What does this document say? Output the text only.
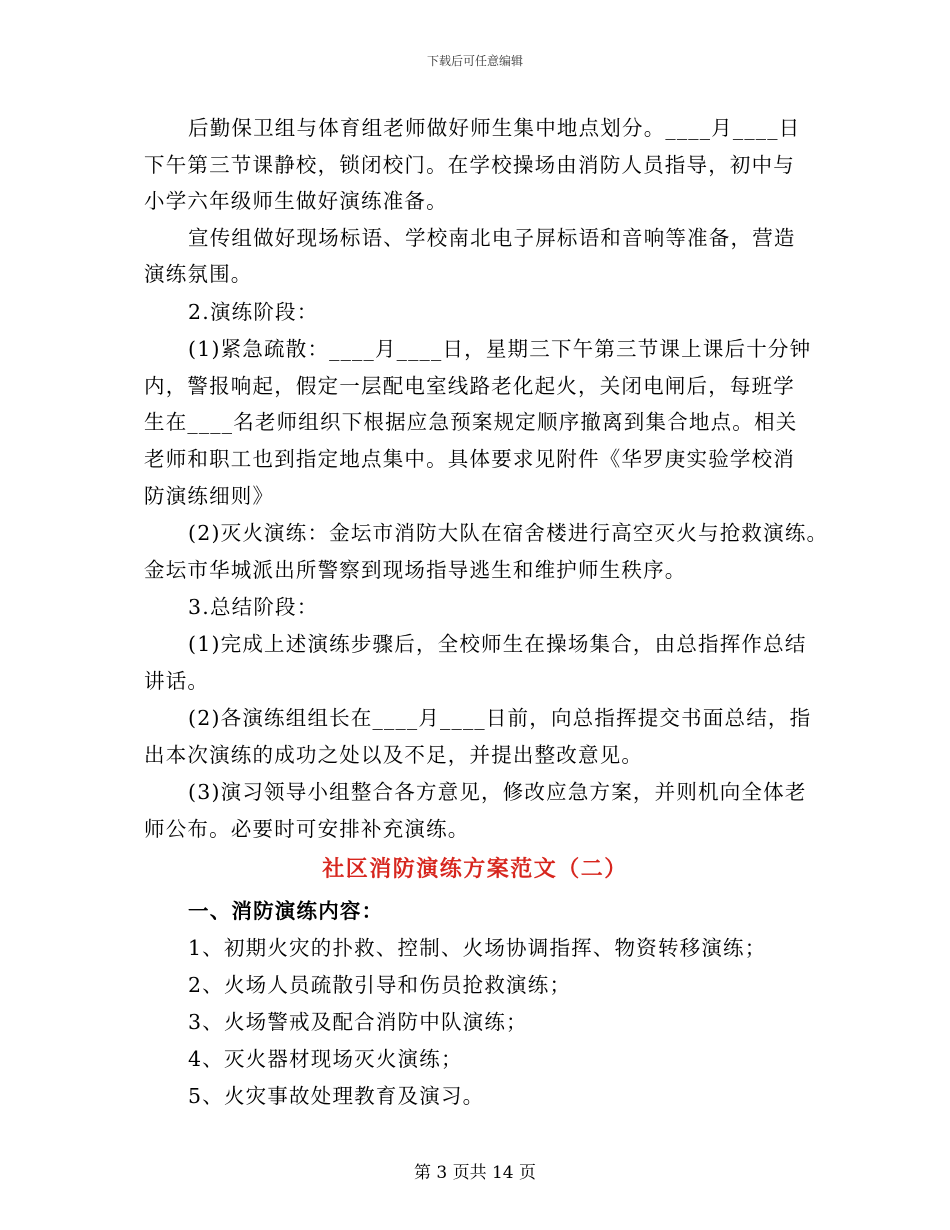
下载后可任意编辑
后勤保卫组与体育组老师做好师生集中地点划分。____月____日
下午第三节课静校，锁闭校门。在学校操场由消防人员指导，初中与
小学六年级师生做好演练准备。
宣传组做好现场标语、学校南北电子屏标语和音响等准备，营造
演练氛围。
2.演练阶段：
(1)紧急疏散：____月____日，星期三下午第三节课上课后十分钟
内，警报响起，假定一层配电室线路老化起火，关闭电闸后，每班学
生在____名老师组织下根据应急预案规定顺序撤离到集合地点。相关
老师和职工也到指定地点集中。具体要求见附件《华罗庚实验学校消
防演练细则》
(2)灭火演练：金坛市消防大队在宿舍楼进行高空灭火与抢救演练。
金坛市华城派出所警察到现场指导逃生和维护师生秩序。
3.总结阶段：
(1)完成上述演练步骤后，全校师生在操场集合，由总指挥作总结
讲话。
(2)各演练组组长在____月____日前，向总指挥提交书面总结，指
出本次演练的成功之处以及不足，并提出整改意见。
(3)演习领导小组整合各方意见，修改应急方案，并则机向全体老
师公布。必要时可安排补充演练。
社区消防演练方案范文（二）
一、消防演练内容：
1、初期火灾的扑救、控制、火场协调指挥、物资转移演练；
2、火场人员疏散引导和伤员抢救演练；
3、火场警戒及配合消防中队演练；
4、灭火器材现场灭火演练；
5、火灾事故处理教育及演习。
第 3 页共 14 页
